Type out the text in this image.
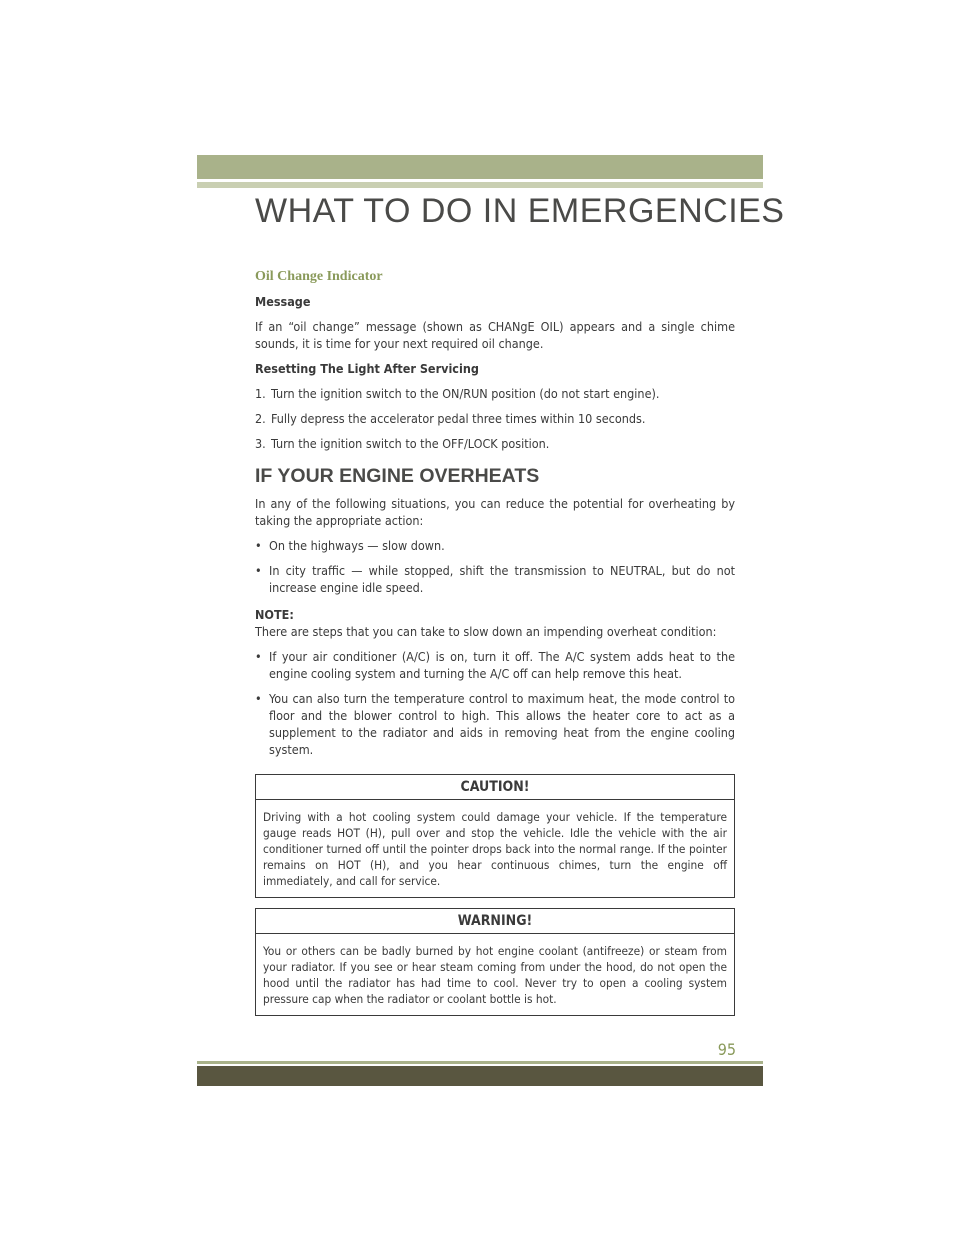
WHAT TO DO IN EMERGENCIES
Oil Change Indicator

Message

If an “oil change” message (shown as CHANgE OIL) appears and a single chime sounds, it is time for your next required oil change.

Resetting The Light After Servicing

1. Turn the ignition switch to the ON/RUN position (do not start engine).
2. Fully depress the accelerator pedal three times within 10 seconds.
3. Turn the ignition switch to the OFF/LOCK position.
IF YOUR ENGINE OVERHEATS

In any of the following situations, you can reduce the potential for overheating by taking the appropriate action:

• On the highways — slow down.
• In city traffic — while stopped, shift the transmission to NEUTRAL, but do not increase engine idle speed.

NOTE:

There are steps that you can take to slow down an impending overheat condition:

• If your air conditioner (A/C) is on, turn it off. The A/C system adds heat to the engine cooling system and turning the A/C off can help remove this heat.
• You can also turn the temperature control to maximum heat, the mode control to floor and the blower control to high. This allows the heater core to act as a supplement to the radiator and aids in removing heat from the engine cooling system.
CAUTION!
Driving with a hot cooling system could damage your vehicle. If the temperature gauge reads HOT (H), pull over and stop the vehicle. Idle the vehicle with the air conditioner turned off until the pointer drops back into the normal range. If the pointer remains on HOT (H), and you hear continuous chimes, turn the engine off immediately, and call for service.
WARNING!
You or others can be badly burned by hot engine coolant (antifreeze) or steam from your radiator. If you see or hear steam coming from under the hood, do not open the hood until the radiator has had time to cool. Never try to open a cooling system pressure cap when the radiator or coolant bottle is hot.
95
